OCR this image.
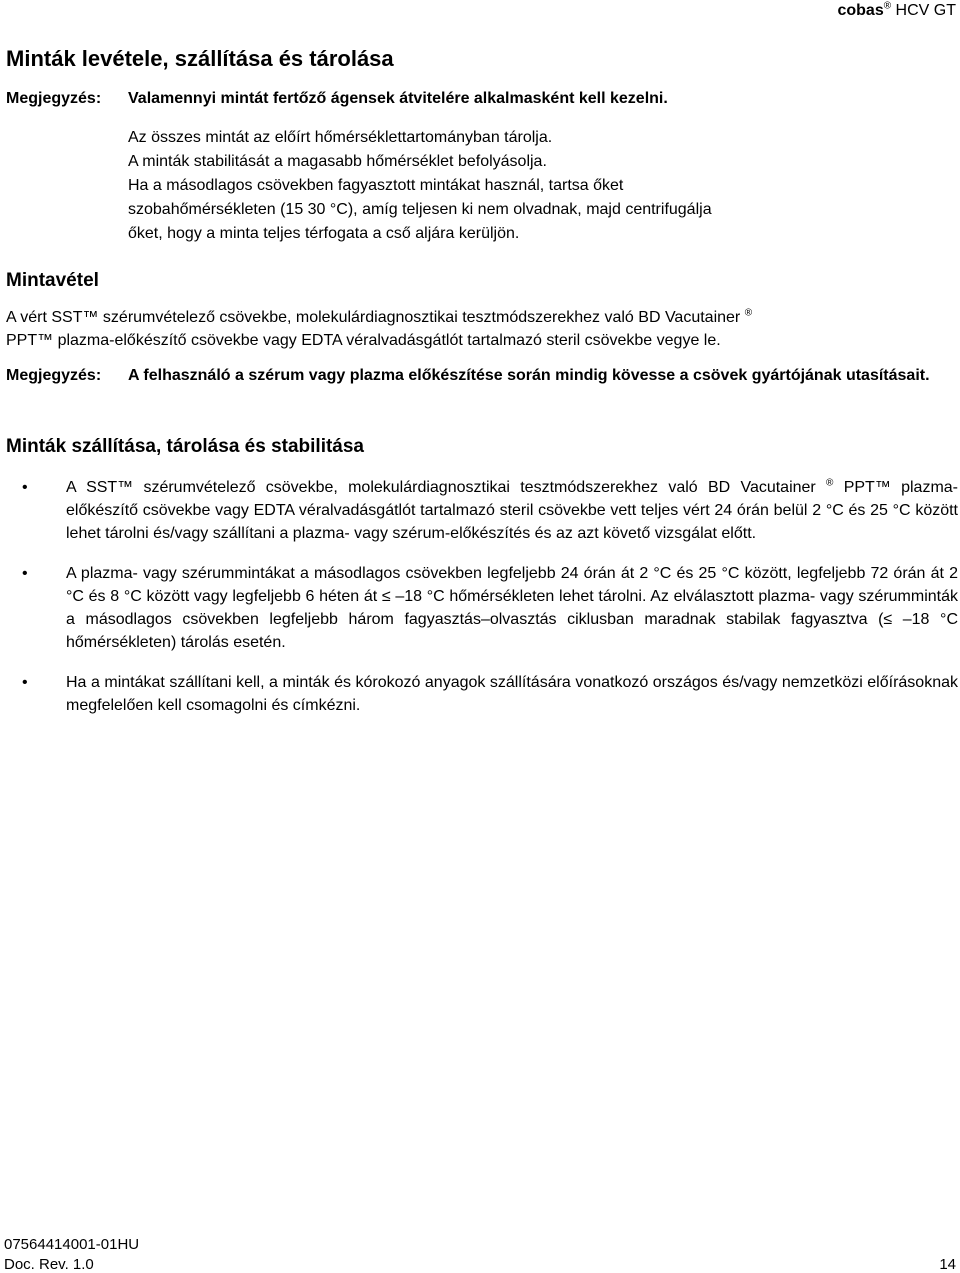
cobas® HCV GT
Minták levétele, szállítása és tárolása
Megjegyzés: Valamennyi mintát fertőző ágensek átvitelére alkalmasként kell kezelni.

Az összes mintát az előírt hőmérséklettartományban tárolja.

A minták stabilitását a magasabb hőmérséklet befolyásolja.

Ha a másodlagos csövekben fagyasztott mintákat használ, tartsa őket szobahőmérsékleten (15 30 °C), amíg teljesen ki nem olvadnak, majd centrifugálja őket, hogy a minta teljes térfogata a cső aljára kerüljön.

Mintavétel
A vért SST™ szérumvételező csövekbe, molekulárdiagnosztikai tesztmódszerekhez való BD Vacutainer ®
PPT™ plazma-előkészítő csövekbe vagy EDTA véralvadásgátlót tartalmazó steril csövekbe vegye le.
Megjegyzés: A felhasználó a szérum vagy plazma előkészítése során mindig kövesse a csövek gyártójának utasításait.
Minták szállítása, tárolása és stabilitása
• A SST™ szérumvételező csövekbe, molekulárdiagnosztikai tesztmódszerekhez való BD Vacutainer ® PPT™ plazma-előkészítő csövekbe vagy EDTA véralvadásgátlót tartalmazó steril csövekbe vett teljes vért 24 órán belül 2 °C és 25 °C között lehet tárolni és/vagy szállítani a plazma- vagy szérum-előkészítés és az azt követő vizsgálat előtt.
• A plazma- vagy szérummintákat a másodlagos csövekben legfeljebb 24 órán át 2 °C és 25 °C között, legfeljebb 72 órán át 2 °C és 8 °C között vagy legfeljebb 6 héten át ≤ –18 °C hőmérsékleten lehet tárolni. Az elválasztott plazma- vagy szérumminták a másodlagos csövekben legfeljebb három fagyasztás–olvasztás ciklusban maradnak stabilak fagyasztva (≤ –18 °C hőmérsékleten) tárolás esetén.
• Ha a mintákat szállítani kell, a minták és kórokozó anyagok szállítására vonatkozó országos és/vagy nemzetközi előírásoknak megfelelően kell csomagolni és címkézni.
07564414001-01HU
Doc. Rev. 1.0	14
